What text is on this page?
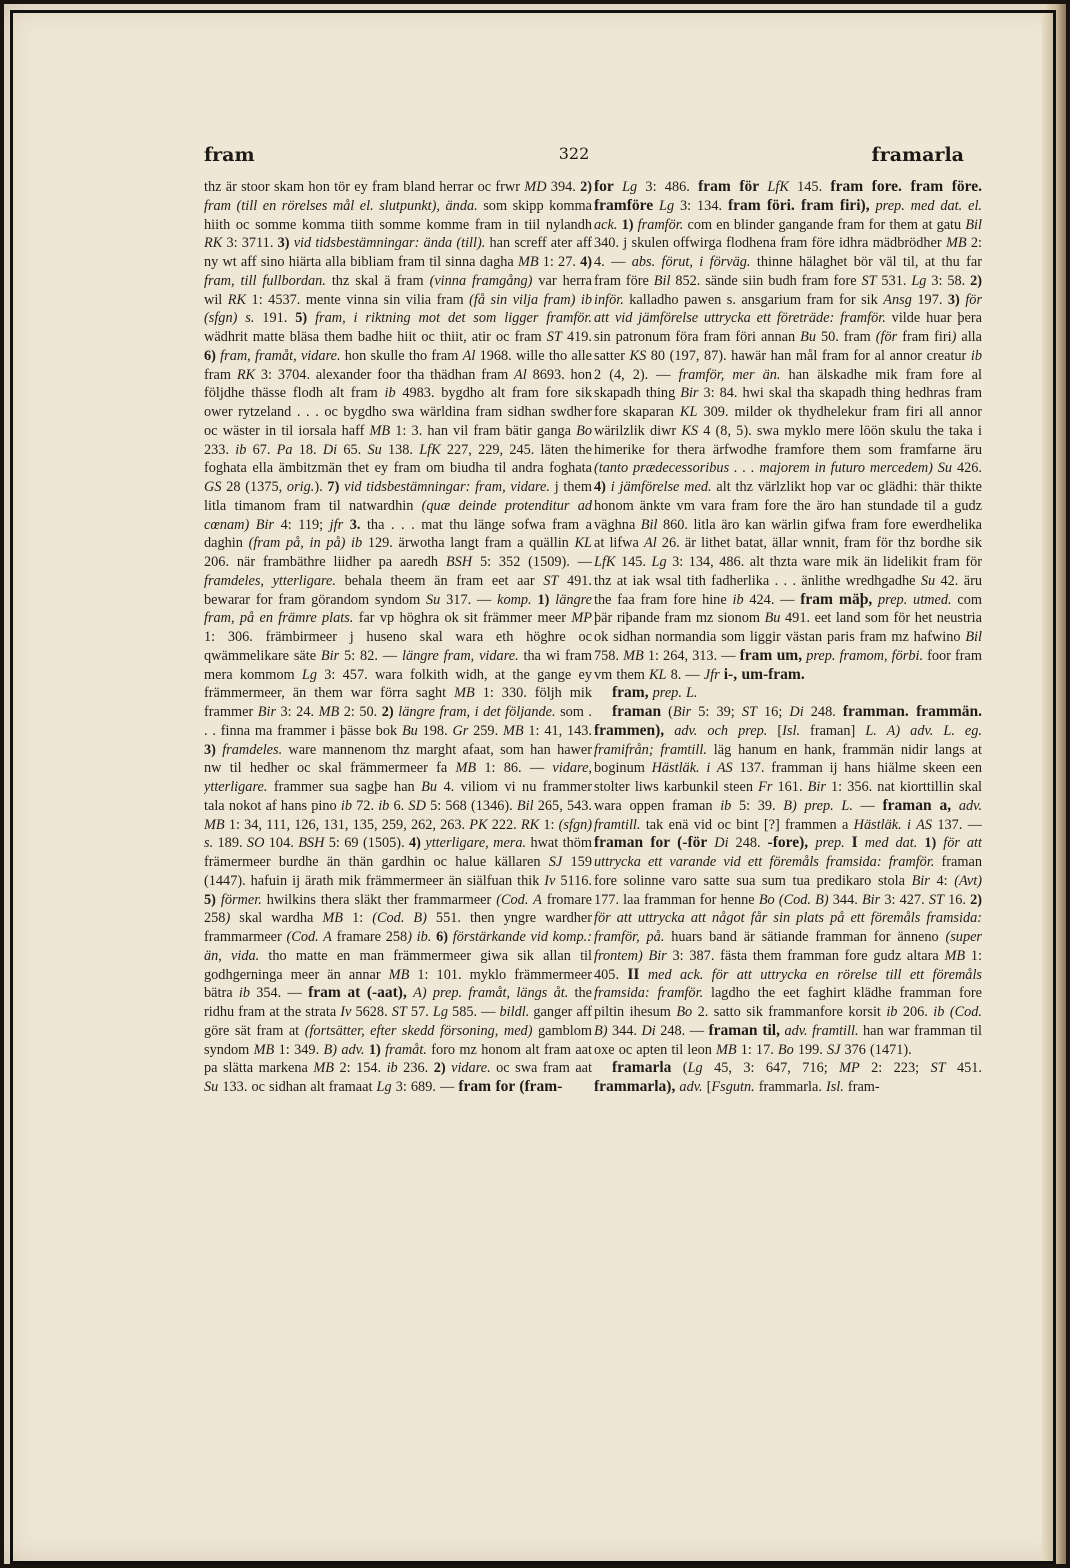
fram	322	framarla

thz är stoor skam hon tör ey fram bland herrar oc frwr MD 394. 2) fram (till en rörelses mål el. slutpunkt), ända. som skipp komma hiith oc somme komma tiith somme komme fram in tiil nylandh RK 3: 3711. 3) vid tidsbestämningar: ända (till). han screff ater aff ny wt aff sino hiärta alla bibliam fram til sinna dagha MB 1: 27. 4) fram, till fullbordan. thz skal ä fram (vinna framgång) var herra wil RK 1: 4537. mente vinna sin vilia fram (få sin vilja fram) ib (sfgn) s. 191. 5) fram, i riktning mot det som ligger framför. wädhrit matte bläsa them badhe hiit oc thiit, atir oc fram ST 419. 6) fram, framåt, vidare. hon skulle tho fram Al 1968. wille tho alle fram RK 3: 3704. alexander foor tha thädhan fram Al 8693. hon följdhe thässe flodh alt fram ib 4983. bygdho alt fram fore sik ower rytzeland . . . oc bygdho swa wärldina fram sidhan swdher oc wäster in til iorsala haff MB 1: 3. han vil fram bätir ganga Bo 233. ib 67. Pa 18. Di 65. Su 138. LfK 227, 229, 245. läten the foghata ella ämbitzmän thet ey fram om biudha til andra foghata GS 28 (1375, orig.). 7) vid tidsbestämningar: fram, vidare. j them litla timanom fram til natwardhin (quæ deinde protenditur ad cœnam) Bir 4: 119; jfr 3. tha . . . mat thu länge sofwa fram a daghin (fram på, in på) ib 129. ärwotha langt fram a quällin KL 206. när frambäthre liidher pa aaredh BSH 5: 352 (1509). — framdeles, ytterligare. behala theem än fram eet aar ST 491. bewarar for fram görandom syndom Su 317. — komp. 1) längre fram, på en främre plats. far vp höghra ok sit främmer meer MP 1: 306. främbirmeer j huseno skal wara eth höghre oc qwämmelikare säte Bir 5: 82. — längre fram, vidare. tha wi fram mera kommom Lg 3: 457. wara folkith widh, at the gange ey främmermeer, än them war förra saght MB 1: 330. följh mik frammer Bir 3: 24. MB 2: 50. 2) längre fram, i det följande. som . . . finna ma frammer i þässe bok Bu 198. Gr 259. MB 1: 41, 143. 3) framdeles. ware mannenom thz marght afaat, som han hawer nw til hedher oc skal främmermeer fa MB 1: 86. — vidare, ytterligare. frammer sua sagþe han Bu 4. viliom vi nu frammer tala nokot af hans pino ib 72. ib 6. SD 5: 568 (1346). Bil 265, 543. MB 1: 34, 111, 126, 131, 135, 259, 262, 263. PK 222. RK 1: (sfgn) s. 189. SO 104. BSH 5: 69 (1505). 4) ytterligare, mera. hwat thöm främermeer burdhe än thän gardhin oc halue källaren SJ 159 (1447). hafuin ij ärath mik främmermeer än siälfuan thik Iv 5116. 5) förmer. hwilkins thera släkt ther frammarmeer (Cod. A fromare 258) skal wardha MB 1: (Cod. B) 551. then yngre wardher frammarmeer (Cod. A framare 258) ib. 6) förstärkande vid komp.: än, vida. tho matte en man främmermeer giwa sik allan til godhgerninga meer än annar MB 1: 101. myklo främmermeer bätra ib 354. — fram at (-aat), A) prep. framåt, längs åt. the ridhu fram at the strata Iv 5628. ST 57. Lg 585. — bildl. ganger aff göre sät fram at (fortsätter, efter skedd försoning, med) gamblom syndom MB 1: 349. B) adv. 1) framåt. foro mz honom alt fram aat pa slätta markena MB 2: 154. ib 236. 2) vidare. oc swa fram aat Su 133. oc sidhan alt framaat Lg 3: 689. — fram for (fram-

for Lg 3: 486. fram för LfK 145. fram fore. fram före. framföre Lg 3: 134. fram föri. fram firi), prep. med dat. el. ack. 1) framför. com en blinder gangande fram for them at gatu Bil 340. j skulen offwirga flodhena fram före idhra mädbrödher MB 2: 4. — abs. förut, i förväg. thinne hälaghet bör väl til, at thu far fram före Bil 852. sände siin budh fram fore ST 531. Lg 3: 58. 2) inför. kalladho pawen s. ansgarium fram for sik Ansg 197. 3) för att vid jämförelse uttrycka ett företräde: framför. vilde huar þera sin patronum föra fram föri annan Bu 50. fram (för fram firi) alla satter KS 80 (197, 87). hawär han mål fram for al annor creatur ib 2 (4, 2). — framför, mer än. han älskadhe mik fram fore al skapadh thing Bir 3: 84. hwi skal tha skapadh thing hedhras fram fore skaparan KL 309. milder ok thydhelekur fram firi all annor wärilzlik diwr KS 4 (8, 5). swa myklo mere löön skulu the taka i himerike for thera ärfwodhe framfore them som framfarne äru (tanto prædecessoribus . . . majorem in futuro mercedem) Su 426. 4) i jämförelse med. alt thz värlzlikt hop var oc glädhi: thär thikte honom änkte vm vara fram fore the äro han stundade til a gudz väghna Bil 860. litla äro kan wärlin gifwa fram fore ewerdhelika at lifwa Al 26. är lithet batat, ällar wnnit, fram för thz bordhe sik LfK 145. Lg 3: 134, 486. alt thzta ware mik än lidelikit fram för thz at iak wsal tith fadherlika . . . änlithe wredhgadhe Su 42. äru the faa fram fore hine ib 424. — fram mäþ, prep. utmed. com þär riþande fram mz sionom Bu 491. eet land som för het neustria ok sidhan normandia som liggir västan paris fram mz hafwino Bil 758. MB 1: 264, 313. — fram um, prep. framom, förbi. foor fram vm them KL 8. — Jfr i-, um-fram.

fram, prep. L.

framan (Bir 5: 39; ST 16; Di 248. framman. frammän. frammen), adv. och prep. [Isl. framan] L. A) adv. L. eg. framifrån; framtill. läg hanum en hank, frammän nidir langs at boginum Hästläk. i AS 137. framman ij hans hiälme skeen een stolter liws karbunkil steen Fr 161. Bir 1: 356. nat kiorttillin skal wara oppen framan ib 5: 39. B) prep. L. — framan a, adv. framtill. tak enä vid oc bint [?] frammen a Hästläk. i AS 137. — framan for (-för Di 248. -fore), prep. I med dat. 1) för att uttrycka ett varande vid ett föremåls framsida: framför. framan fore solinne varo satte sua sum tua predikaro stola Bir 4: (Avt) 177. laa framman for henne Bo (Cod. B) 344. Bir 3: 427. ST 16. 2) för att uttrycka att något får sin plats på ett föremåls framsida: framför, på. huars band är sätiande framman for änneno (super frontem) Bir 3: 387. fästa them framman fore gudz altara MB 1: 405. II med ack. för att uttrycka en rörelse till ett föremåls framsida: framför. lagdho the eet faghirt klädhe framman fore piltin ihesum Bo 2. satto sik frammanfore korsit ib 206. ib (Cod. B) 344. Di 248. — framan til, adv. framtill. han war framman til oxe oc apten til leon MB 1: 17. Bo 199. SJ 376 (1471).

framarla (Lg 45, 3: 647, 716; MP 2: 223; ST 451. frammarla), adv. [Fsgutn. frammarla. Isl. fram-
